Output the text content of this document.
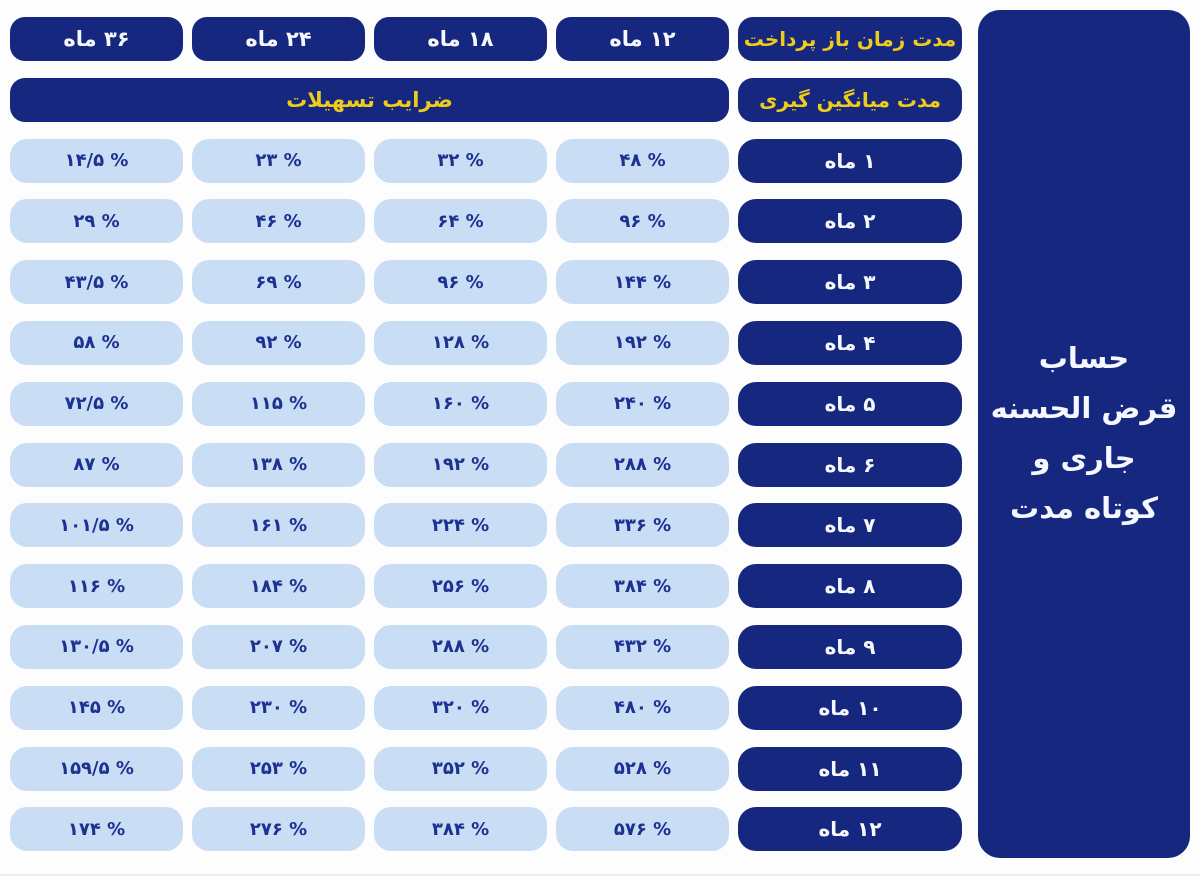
حساب
قرض الحسنه
جاری و
کوتاه مدت
مدت زمان باز پرداخت
۱۲ ماه
۱۸ ماه
۲۴ ماه
۳۶ ماه
مدت میانگین گیری
ضرایب تسهیلات
۱ ماه
۴۸ %
۳۲ %
۲۳ %
۱۴/۵ %
۲ ماه
۹۶ %
۶۴ %
۴۶ %
۲۹ %
۳ ماه
۱۴۴ %
۹۶ %
۶۹ %
۴۳/۵ %
۴ ماه
۱۹۲ %
۱۲۸ %
۹۲ %
۵۸ %
۵ ماه
۲۴۰ %
۱۶۰ %
۱۱۵ %
۷۲/۵ %
۶ ماه
۲۸۸ %
۱۹۲ %
۱۳۸ %
۸۷ %
۷ ماه
۳۳۶ %
۲۲۴ %
۱۶۱ %
۱۰۱/۵ %
۸ ماه
۳۸۴ %
۲۵۶ %
۱۸۴ %
۱۱۶ %
۹ ماه
۴۳۲ %
۲۸۸ %
۲۰۷ %
۱۳۰/۵ %
۱۰ ماه
۴۸۰ %
۳۲۰ %
۲۳۰ %
۱۴۵ %
۱۱ ماه
۵۲۸ %
۳۵۲ %
۲۵۳ %
۱۵۹/۵ %
۱۲ ماه
۵۷۶ %
۳۸۴ %
۲۷۶ %
۱۷۴ %
